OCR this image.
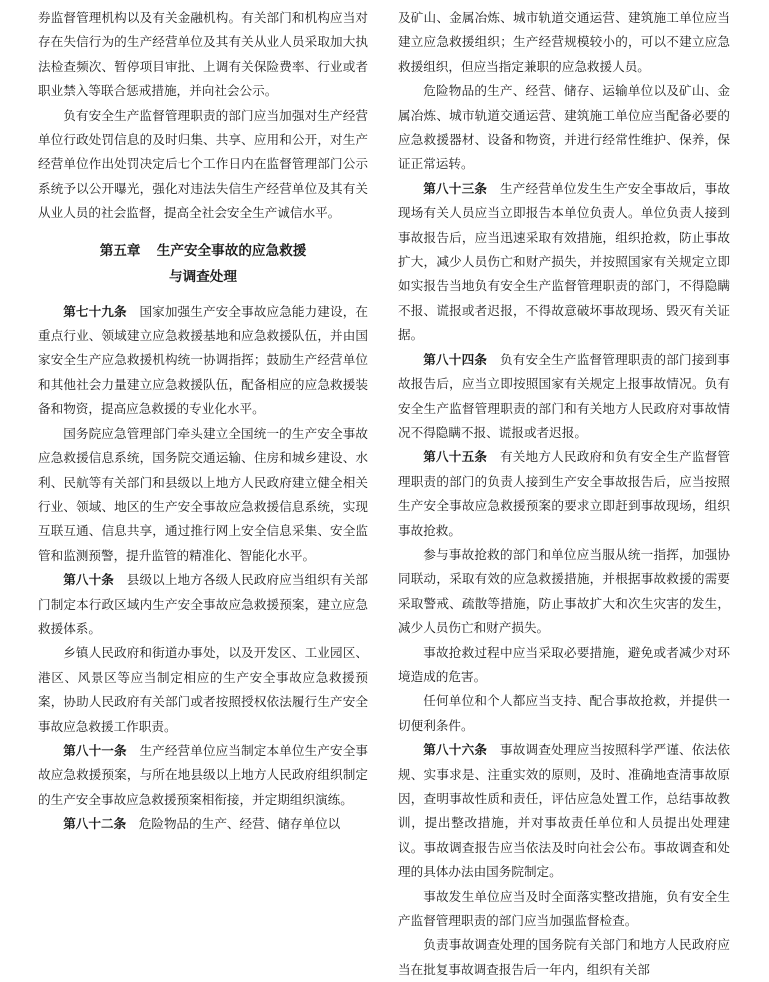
券监督管理机构以及有关金融机构。有关部门和机构应当对存在失信行为的生产经营单位及其有关从业人员采取加大执法检查频次、暂停项目审批、上调有关保险费率、行业或者职业禁入等联合惩戒措施，并向社会公示。

负有安全生产监督管理职责的部门应当加强对生产经营单位行政处罚信息的及时归集、共享、应用和公开，对生产经营单位作出处罚决定后七个工作日内在监督管理部门公示系统予以公开曝光，强化对违法失信生产经营单位及其有关从业人员的社会监督，提高全社会安全生产诚信水平。

第五章 生产安全事故的应急救援
与调查处理

第七十九条　 国家加强生产安全事故应急能力建设，在重点行业、领域建立应急救援基地和应急救援队伍，并由国家安全生产应急救援机构统一协调指挥；鼓励生产经营单位和其他社会力量建立应急救援队伍，配备相应的应急救援装备和物资，提高应急救援的专业化水平。

国务院应急管理部门牵头建立全国统一的生产安全事故应急救援信息系统，国务院交通运输、住房和城乡建设、水利、民航等有关部门和县级以上地方人民政府建立健全相关行业、领域、地区的生产安全事故应急救援信息系统，实现互联互通、信息共享，通过推行网上安全信息采集、安全监管和监测预警，提升监管的精准化、智能化水平。

第八十条　 县级以上地方各级人民政府应当组织有关部门制定本行政区域内生产安全事故应急救援预案，建立应急救援体系。

乡镇人民政府和街道办事处，以及开发区、工业园区、港区、风景区等应当制定相应的生产安全事故应急救援预案，协助人民政府有关部门或者按照授权依法履行生产安全事故应急救援工作职责。

第八十一条　 生产经营单位应当制定本单位生产安全事故应急救援预案，与所在地县级以上地方人民政府组织制定的生产安全事故应急救援预案相衔接，并定期组织演练。

第八十二条　 危险物品的生产、经营、储存单位以

及矿山、金属冶炼、城市轨道交通运营、建筑施工单位应当建立应急救援组织；生产经营规模较小的，可以不建立应急救援组织，但应当指定兼职的应急救援人员。

危险物品的生产、经营、储存、运输单位以及矿山、金属冶炼、城市轨道交通运营、建筑施工单位应当配备必要的应急救援器材、设备和物资，并进行经常性维护、保养，保证正常运转。

第八十三条　 生产经营单位发生生产安全事故后，事故现场有关人员应当立即报告本单位负责人。单位负责人接到事故报告后，应当迅速采取有效措施，组织抢救，防止事故扩大，减少人员伤亡和财产损失，并按照国家有关规定立即如实报告当地负有安全生产监督管理职责的部门，不得隐瞒不报、谎报或者迟报，不得故意破坏事故现场、毁灭有关证据。

第八十四条　 负有安全生产监督管理职责的部门接到事故报告后，应当立即按照国家有关规定上报事故情况。负有安全生产监督管理职责的部门和有关地方人民政府对事故情况不得隐瞒不报、谎报或者迟报。

第八十五条　 有关地方人民政府和负有安全生产监督管理职责的部门的负责人接到生产安全事故报告后，应当按照生产安全事故应急救援预案的要求立即赶到事故现场，组织事故抢救。

参与事故抢救的部门和单位应当服从统一指挥，加强协同联动，采取有效的应急救援措施，并根据事故救援的需要采取警戒、疏散等措施，防止事故扩大和次生灾害的发生，减少人员伤亡和财产损失。

事故抢救过程中应当采取必要措施，避免或者减少对环境造成的危害。

任何单位和个人都应当支持、配合事故抢救，并提供一切便利条件。

第八十六条　 事故调查处理应当按照科学严谨、依法依规、实事求是、注重实效的原则，及时、准确地查清事故原因，查明事故性质和责任，评估应急处置工作，总结事故教训，提出整改措施，并对事故责任单位和人员提出处理建议。事故调查报告应当依法及时向社会公布。事故调查和处理的具体办法由国务院制定。

事故发生单位应当及时全面落实整改措施，负有安全生产监督管理职责的部门应当加强监督检查。

负责事故调查处理的国务院有关部门和地方人民政府应当在批复事故调查报告后一年内，组织有关部
